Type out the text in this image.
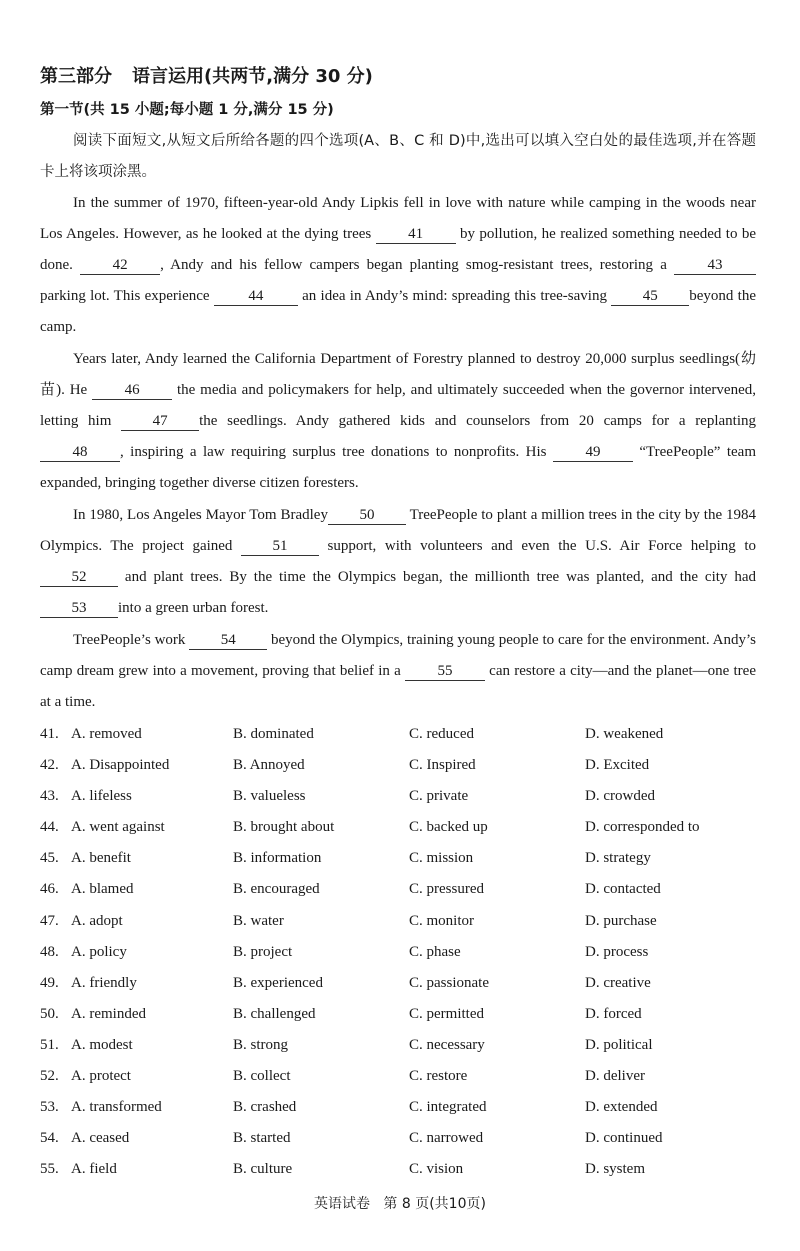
第三部分 语言运用(共两节,满分 30 分)
第一节(共 15 小题;每小题 1 分,满分 15 分)
阅读下面短文,从短文后所给各题的四个选项(A、B、C 和 D)中,选出可以填入空白处的最佳选项,并在答题卡上将该项涂黑。
In the summer of 1970, fifteen-year-old Andy Lipkis fell in love with nature while camping in the woods near Los Angeles. However, as he looked at the dying trees 41 by pollution, he realized something needed to be done. 42 , Andy and his fellow campers began planting smog-resistant trees, restoring a 43 parking lot. This experience 44 an idea in Andy’s mind: spreading this tree-saving 45 beyond the camp.
Years later, Andy learned the California Department of Forestry planned to destroy 20,000 surplus seedlings(幼苗). He 46 the media and policymakers for help, and ultimately succeeded when the governor intervened, letting him 47 the seedlings. Andy gathered kids and counselors from 20 camps for a replanting 48 , inspiring a law requiring surplus tree donations to nonprofits. His 49 “TreePeople” team expanded, bringing together diverse citizen foresters.
In 1980, Los Angeles Mayor Tom Bradley 50 TreePeople to plant a million trees in the city by the 1984 Olympics. The project gained 51 support, with volunteers and even the U.S. Air Force helping to 52 and plant trees. By the time the Olympics began, the millionth tree was planted, and the city had53 into a green urban forest.
TreePeople’s work 54 beyond the Olympics, training young people to care for the environment. Andy’s camp dream grew into a movement, proving that belief in a 55 can restore a city—and the planet—one tree at a time.
41. A. removed	B. dominated	C. reduced	D. weakened
42. A. Disappointed	B. Annoyed	C. Inspired	D. Excited
43. A. lifeless	B. valueless	C. private	D. crowded
44. A. went against	B. brought about	C. backed up	D. corresponded to
45. A. benefit	B. information	C. mission	D. strategy
46. A. blamed	B. encouraged	C. pressured	D. contacted
47. A. adopt	B. water	C. monitor	D. purchase
48. A. policy	B. project	C. phase	D. process
49. A. friendly	B. experienced	C. passionate	D. creative
50. A. reminded	B. challenged	C. permitted	D. forced
51. A. modest	B. strong	C. necessary	D. political
52. A. protect	B. collect	C. restore	D. deliver
53. A. transformed	B. crashed	C. integrated	D. extended
54. A. ceased	B. started	C. narrowed	D. continued
55. A. field	B. culture	C. vision	D. system
英语试卷   第 8 页(共10页)
